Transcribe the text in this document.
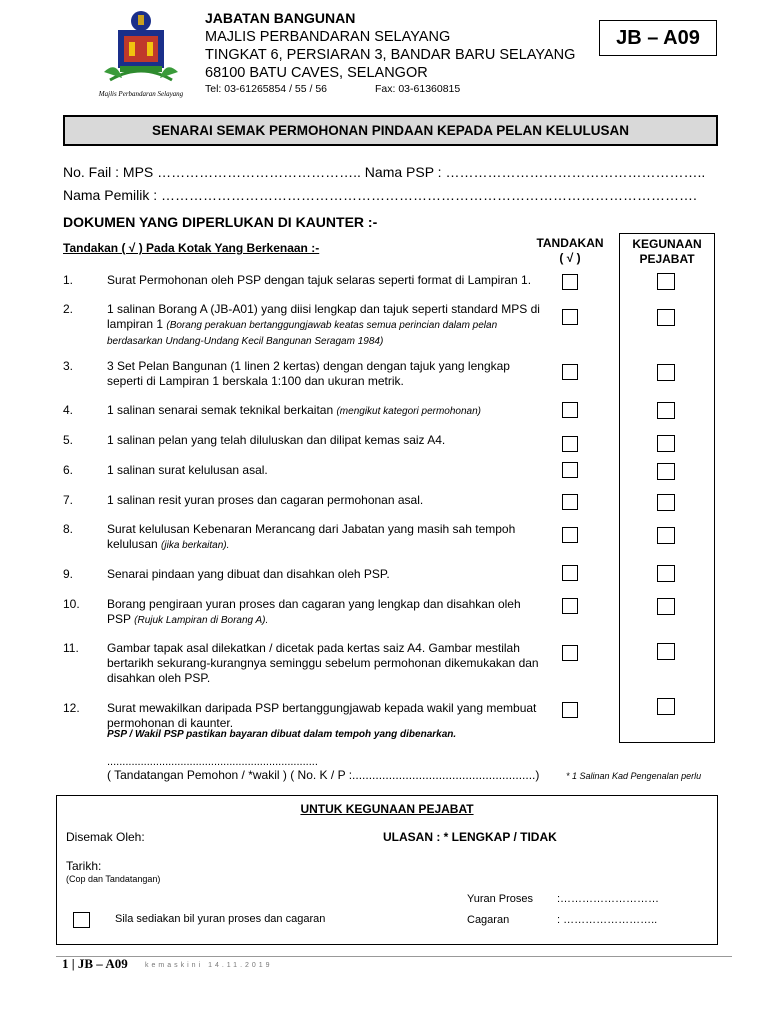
Majlis Perbandaran Selayang
JABATAN BANGUNAN
MAJLIS PERBANDARAN SELAYANG
TINGKAT 6, PERSIARAN 3, BANDAR BARU SELAYANG
68100 BATU CAVES, SELANGOR
Tel: 03-61265854 / 55 / 56	Fax: 03-61360815
JB – A09
SENARAI SEMAK PERMOHONAN PINDAAN KEPADA PELAN KELULUSAN
No. Fail : MPS …………………………………….. Nama PSP : ………………………………………………..
Nama Pemilik : …………………………………………………………………………………………………….
DOKUMEN YANG DIPERLUKAN DI KAUNTER :-
Tandakan ( √ ) Pada Kotak Yang Berkenaan :-	TANDAKAN
( √ )
KEGUNAAN
PEJABAT
1.	Surat Permohonan oleh PSP dengan tajuk selaras seperti format di Lampiran 1.
2.	1 salinan Borang A (JB-A01) yang diisi lengkap dan tajuk seperti standard MPS di lampiran 1 (Borang perakuan bertanggungjawab keatas semua perincian dalam pelan berdasarkan Undang-Undang Kecil Bangunan Seragam 1984)
3.	3 Set Pelan Bangunan (1 linen 2 kertas) dengan dengan tajuk yang lengkap seperti di Lampiran 1 berskala 1:100 dan ukuran metrik.
4.	1 salinan senarai semak teknikal berkaitan (mengikut kategori permohonan)
5.	1 salinan pelan yang telah diluluskan dan dilipat kemas saiz A4.
6.	1 salinan surat kelulusan asal.
7.	1 salinan resit yuran proses dan cagaran permohonan asal.
8.	Surat kelulusan Kebenaran Merancang dari Jabatan yang masih sah tempoh kelulusan (jika berkaitan).
9.	Senarai pindaan yang dibuat dan disahkan oleh PSP.
10. Borang pengiraan yuran proses dan cagaran yang lengkap dan disahkan oleh PSP (Rujuk Lampiran di Borang A).
11. Gambar tapak asal dilekatkan / dicetak pada kertas saiz A4. Gambar mestilah bertarikh sekurang-kurangnya seminggu sebelum permohonan dikemukakan dan disahkan oleh PSP.
12. Surat mewakilkan daripada PSP bertanggungjawab kepada wakil yang membuat permohonan di kaunter.
PSP / Wakil PSP pastikan bayaran dibuat dalam tempoh yang dibenarkan.
.....................................................................
( Tandatangan Pemohon / *wakil ) ( No. K / P :.......................................................)	* 1 Salinan Kad Pengenalan perlu
UNTUK KEGUNAAN PEJABAT
Disemak Oleh:	ULASAN : * LENGKAP / TIDAK
Tarikh:
(Cop dan Tandatangan)
Yuran Proses :………………………
Cagaran	: ……………………..
Sila sediakan bil yuran proses dan cagaran
1 | JB – A09 kemaskini 14.11.2019
